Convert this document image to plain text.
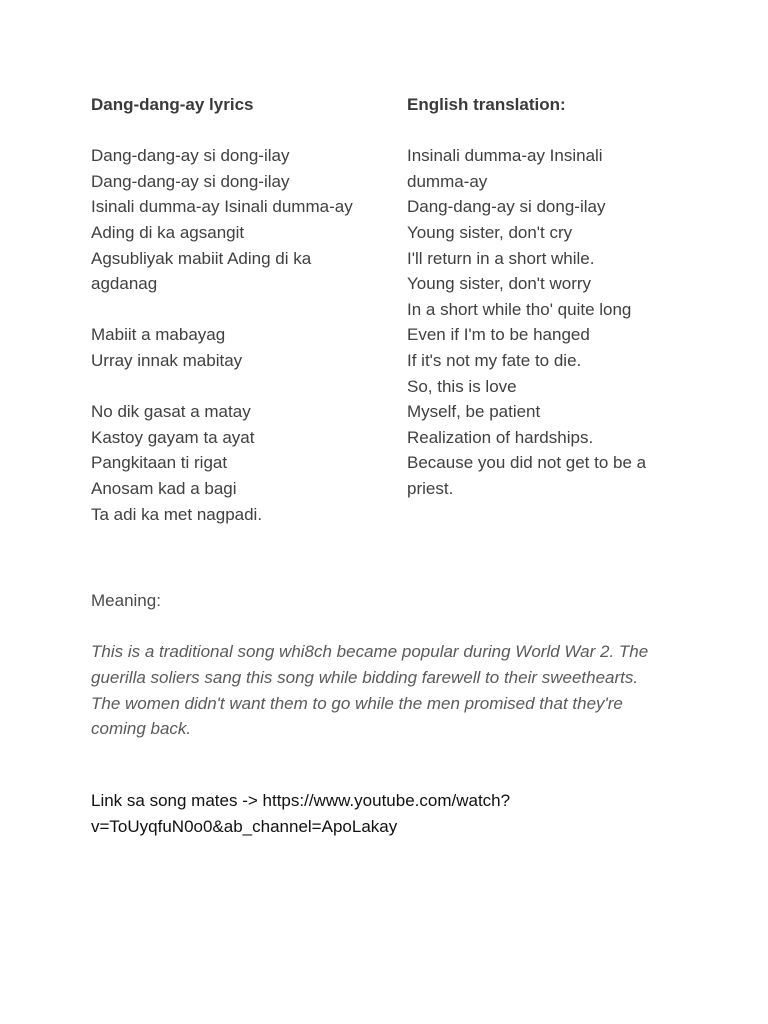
Dang-dang-ay lyrics

Dang-dang-ay si dong-ilay
Dang-dang-ay si dong-ilay
Isinali dumma-ay Isinali dumma-ay
Ading di ka agsangit
Agsubliyak mabiit Ading di ka agdanag
Mabiit a mabayag
Urray innak mabitay
No dik gasat a matay
Kastoy gayam ta ayat
Pangkitaan ti rigat
Anosam kad a bagi
Ta adi ka met nagpadi.

English translation:

Insinali dumma-ay Insinali dumma-ay
Dang-dang-ay si dong-ilay
Young sister, don't cry
I'll return in a short while.
Young sister, don't worry
In a short while tho' quite long
Even if I'm to be hanged
If it's not my fate to die.
So, this is love
Myself, be patient
Realization of hardships.
Because you did not get to be a priest.
Meaning:
This is a traditional song whi8ch became popular during World War 2. The guerilla soliers sang this song while bidding farewell to their sweethearts. The women didn't want them to go while the men promised that they're coming back.
Link sa song mates -> https://www.youtube.com/watch?v=ToUyqfuN0o0&ab_channel=ApoLakay
